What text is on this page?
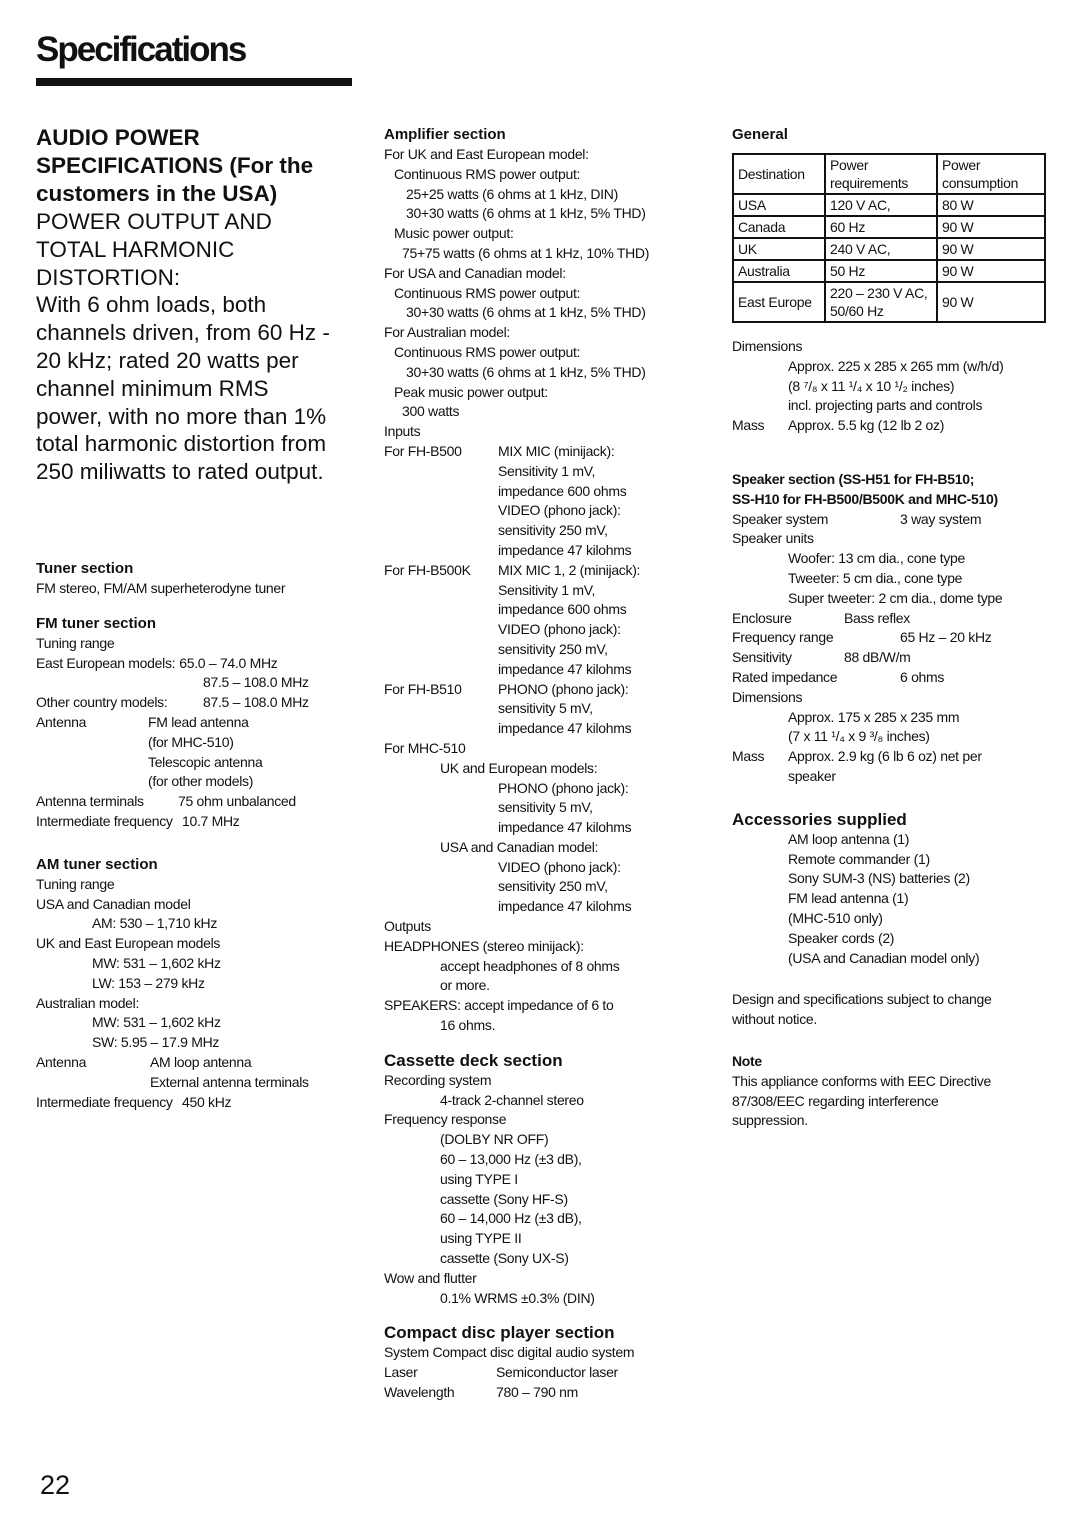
Specifications
AUDIO POWER
SPECIFICATIONS (For the
customers in the USA)
POWER OUTPUT AND
TOTAL HARMONIC
DISTORTION:
With 6 ohm loads, both
channels driven, from 60 Hz -
20 kHz; rated 20 watts per
channel minimum RMS
power, with no more than 1%
total harmonic distortion from
250 miliwatts to rated output.
Tuner section
FM stereo, FM/AM superheterodyne tuner
FM tuner section
Tuning range
East European models: 65.0 – 74.0 MHz
87.5 – 108.0 MHz
Other country models:	87.5 – 108.0 MHz
Antenna	FM lead antenna
(for MHC-510)
Telescopic antenna
(for other models)
Antenna terminals	75 ohm unbalanced
Intermediate frequency 10.7 MHz
AM tuner section
Tuning range
USA and Canadian model
AM: 530 – 1,710 kHz
UK and East European models
MW: 531 – 1,602 kHz
LW: 153 – 279 kHz
Australian model:
MW: 531 – 1,602 kHz
SW: 5.95 – 17.9 MHz
Antenna	AM loop antenna
External antenna terminals
Intermediate frequency 450 kHz
Amplifier section
For UK and East European model:
Continuous RMS power output:
25+25 watts (6 ohms at 1 kHz, DIN)
30+30 watts (6 ohms at 1 kHz, 5% THD)
Music power output:
75+75 watts (6 ohms at 1 kHz, 10% THD)
For USA and Canadian model:
Continuous RMS power output:
30+30 watts (6 ohms at 1 kHz, 5% THD)
For Australian model:
Continuous RMS power output:
30+30 watts (6 ohms at 1 kHz, 5% THD)
Peak music power output:
300 watts
Inputs
For FH-B500	MIX MIC (minijack):
Sensitivity 1 mV,
impedance 600 ohms
VIDEO (phono jack):
sensitivity 250 mV,
impedance 47 kilohms
For FH-B500K	MIX MIC 1, 2 (minijack):
Sensitivity 1 mV,
impedance 600 ohms
VIDEO (phono jack):
sensitivity 250 mV,
impedance 47 kilohms
For FH-B510	PHONO (phono jack):
sensitivity 5 mV,
impedance 47 kilohms
For MHC-510
UK and European models:
PHONO (phono jack):
sensitivity 5 mV,
impedance 47 kilohms
USA and Canadian model:
VIDEO (phono jack):
sensitivity 250 mV,
impedance 47 kilohms
Outputs
HEADPHONES (stereo minijack):
accept headphones of 8 ohms
or more.
SPEAKERS: accept impedance of 6 to
16 ohms.
Cassette deck section
Recording system
4-track 2-channel stereo
Frequency response
(DOLBY NR OFF)
60 – 13,000 Hz (±3 dB),
using TYPE I
cassette (Sony HF-S)
60 – 14,000 Hz (±3 dB),
using TYPE II
cassette (Sony UX-S)
Wow and flutter
0.1% WRMS ±0.3% (DIN)
Compact disc player section
System Compact disc digital audio system
Laser	Semiconductor laser
Wavelength	780 – 790 nm
General
Destination	Power requirements	Power consumption
USA	120 V AC,	80 W
Canada	60 Hz	90 W
UK	240 V AC,	90 W
Australia	50 Hz	90 W
East Europe	220 – 230 V AC, 50/60 Hz	90 W
Dimensions
Approx. 225 x 285 x 265 mm (w/h/d)
(8 ⁷/₈ x 11 ¹/₄ x 10 ¹/₂ inches)
incl. projecting parts and controls
Mass	Approx. 5.5 kg (12 lb 2 oz)
Speaker section (SS-H51 for FH-B510;
SS-H10 for FH-B500/B500K and MHC-510)
Speaker system	3 way system
Speaker units
Woofer: 13 cm dia., cone type
Tweeter: 5 cm dia., cone type
Super tweeter: 2 cm dia., dome type
Enclosure	Bass reflex
Frequency range	65 Hz – 20 kHz
Sensitivity	88 dB/W/m
Rated impedance	6 ohms
Dimensions
Approx. 175 x 285 x 235 mm
(7 x 11 ¹/₄ x 9 ³/₈ inches)
Mass	Approx. 2.9 kg (6 lb 6 oz) net per
speaker
Accessories supplied
AM loop antenna (1)
Remote commander (1)
Sony SUM-3 (NS) batteries (2)
FM lead antenna (1)
(MHC-510 only)
Speaker cords (2)
(USA and Canadian model only)
Design and specifications subject to change
without notice.
Note
This appliance conforms with EEC Directive
87/308/EEC regarding interference
suppression.
22
